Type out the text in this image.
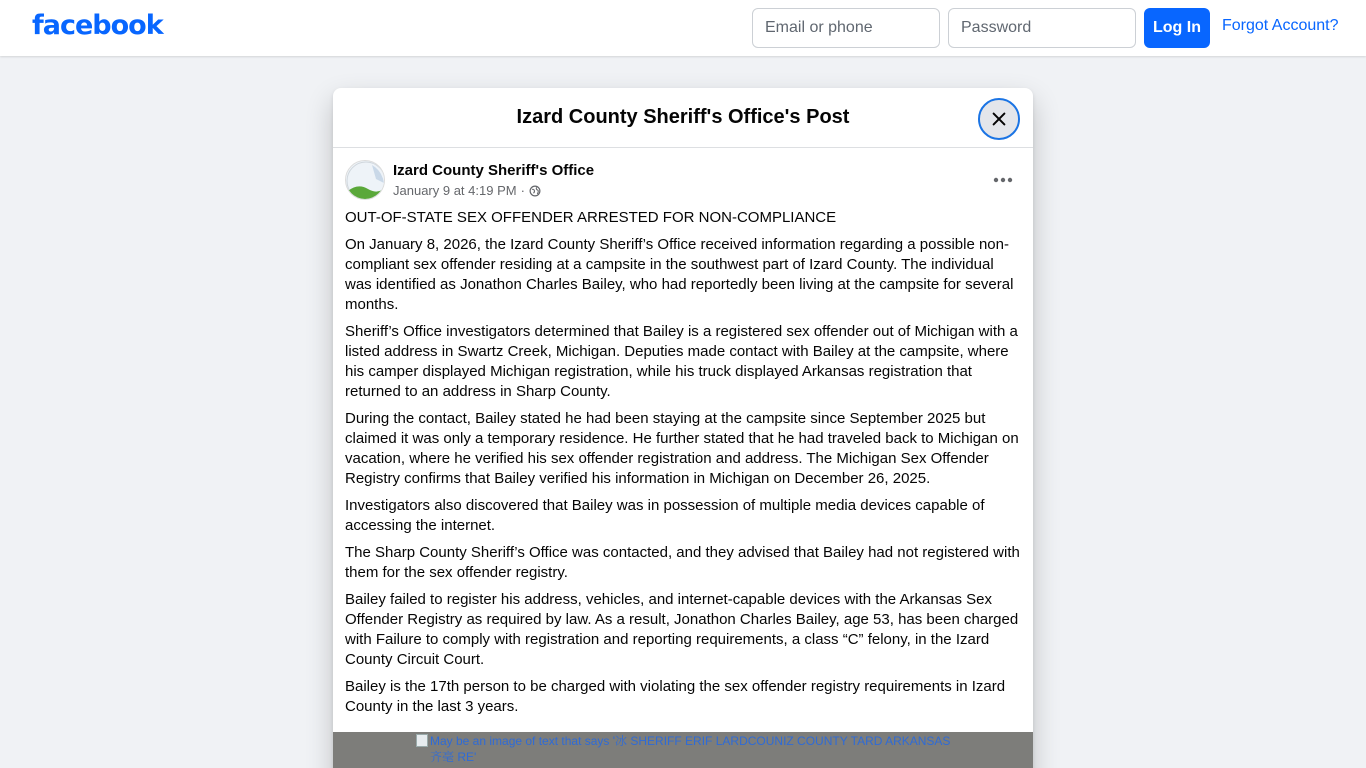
facebook
Email or phone	Log In	Forgot Account?
Izard County Sheriff's Office's Post
Izard County Sheriff's Office
January 9 at 4:19 PM ·

OUT-OF-STATE SEX OFFENDER ARRESTED FOR NON-COMPLIANCE

On January 8, 2026, the Izard County Sheriff’s Office received information regarding a possible non-compliant sex offender residing at a campsite in the southwest part of Izard County. The individual was identified as Jonathon Charles Bailey, who had reportedly been living at the campsite for several months.

Sheriff’s Office investigators determined that Bailey is a registered sex offender out of Michigan with a listed address in Swartz Creek, Michigan. Deputies made contact with Bailey at the campsite, where his camper displayed Michigan registration, while his truck displayed Arkansas registration that returned to an address in Sharp County.

During the contact, Bailey stated he had been staying at the campsite since September 2025 but claimed it was only a temporary residence. He further stated that he had traveled back to Michigan on vacation, where he verified his sex offender registration and address. The Michigan Sex Offender Registry confirms that Bailey verified his information in Michigan on December 26, 2025.

Investigators also discovered that Bailey was in possession of multiple media devices capable of accessing the internet.

The Sharp County Sheriff’s Office was contacted, and they advised that Bailey had not registered with them for the sex offender registry.

Bailey failed to register his address, vehicles, and internet-capable devices with the Arkansas Sex Offender Registry as required by law. As a result, Jonathon Charles Bailey, age 53, has been charged with Failure to comply with registration and reporting requirements, a class “C” felony, in the Izard County Circuit Court.

Bailey is the 17th person to be charged with violating the sex offender registry requirements in Izard County in the last 3 years.

May be an image of text that says '冰 SHERIFF ERIF LARDCOUNIZ COUNTY TARD ARKANSAS 齐毫 RE'
